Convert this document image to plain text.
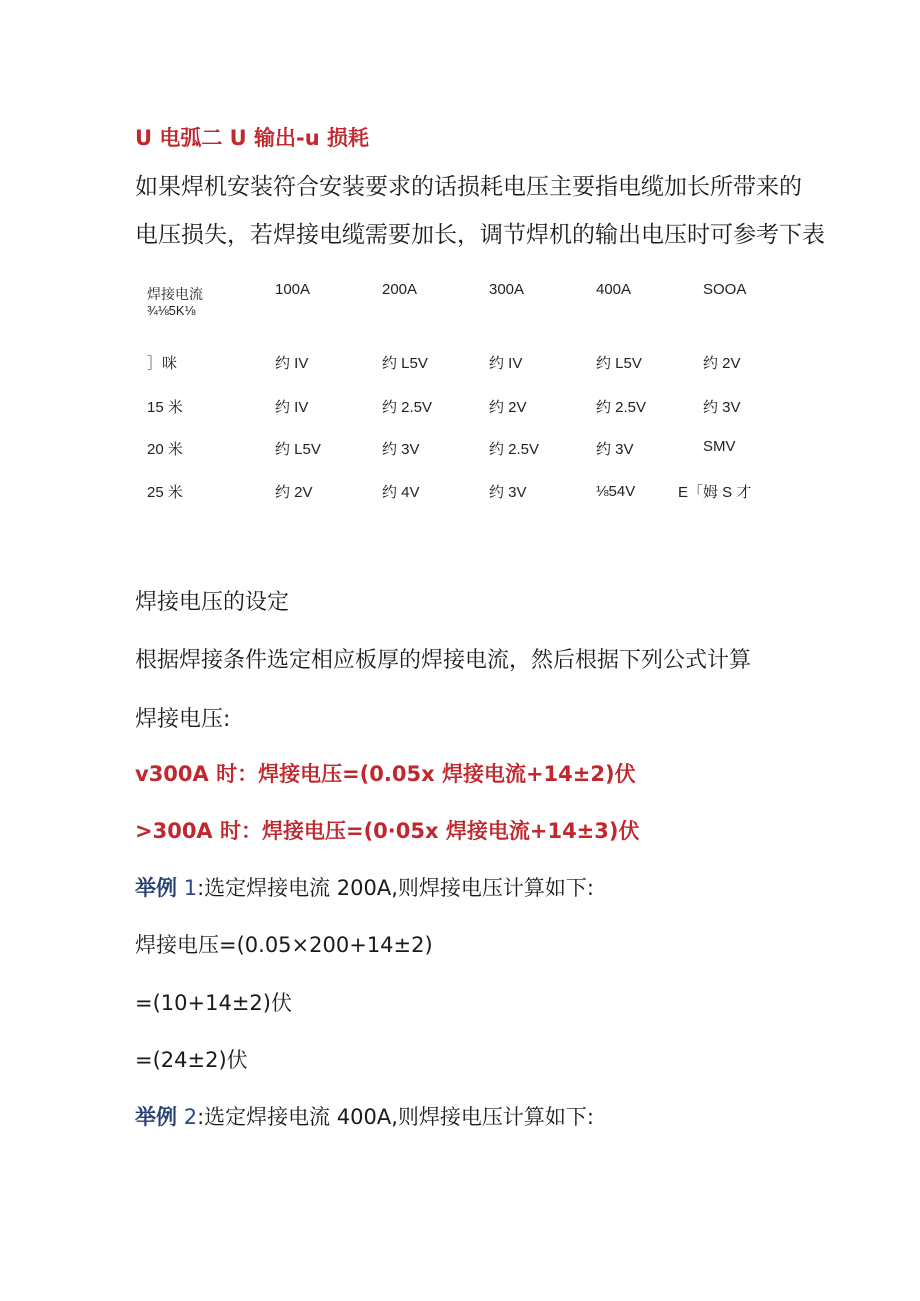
U 电弧二 U 输出-u 损耗
如果焊机安装符合安装要求的话损耗电压主要指电缆加长所带来的
电压损失，若焊接电缆需要加长，调节焊机的输出电压时可参考下表
焊接电流
¾⅛5K⅛
100A	200A	300A	400A	SOOA
］咪	约 IV	约 L5V	约 IV	约 L5V	约 2V
15 米	约 IV	约 2.5V	约 2V	约 2.5V	约 3V
20 米	约 L5V	约 3V	约 2.5V	约 3V	SMV
25 米	约 2V	约 4V	约 3V	⅛54V	E「姆 S 才
焊接电压的设定
根据焊接条件选定相应板厚的焊接电流，然后根据下列公式计算
焊接电压:
v300A 时：焊接电压=(0.05x 焊接电流+14±2)伏
>300A 时：焊接电压=(0·05x 焊接电流+14±3)伏
举例 1:选定焊接电流 200A,则焊接电压计算如下:
焊接电压=(0.05×200+14±2)
=(10+14±2)伏
=(24±2)伏
举例 2:选定焊接电流 400A,则焊接电压计算如下:
